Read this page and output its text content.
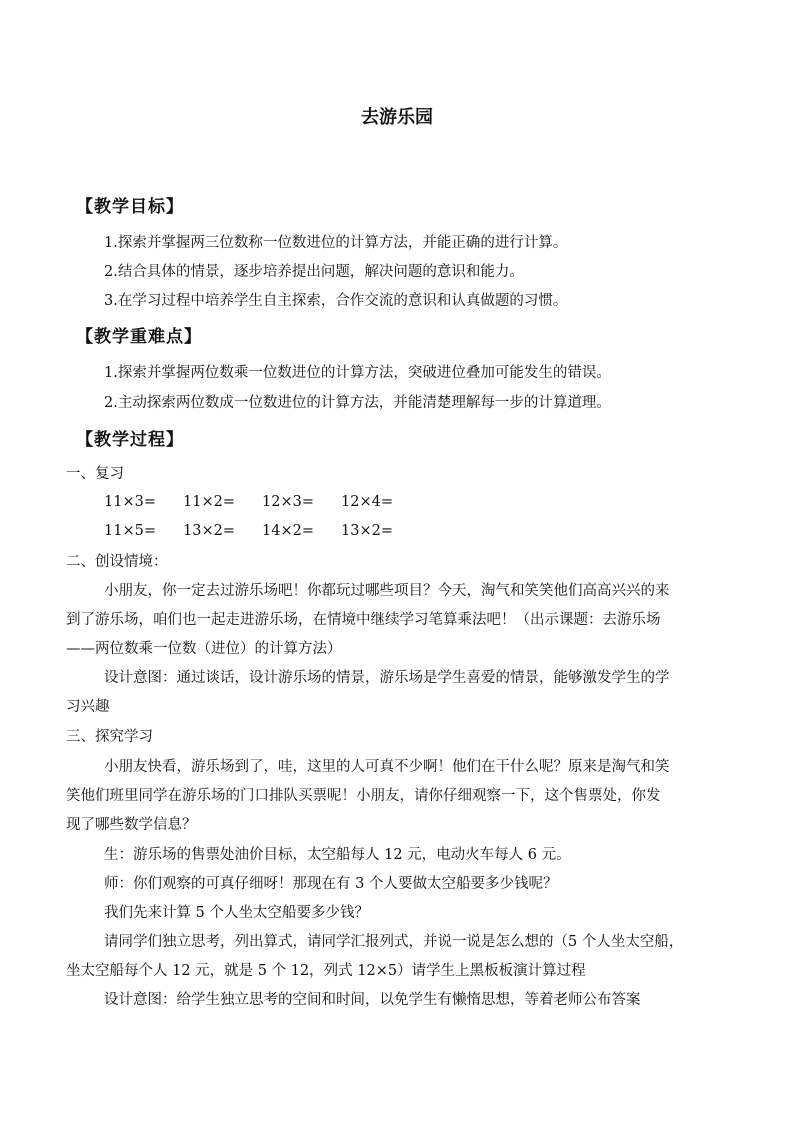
去游乐园
【教学目标】
1.探索并掌握两三位数称一位数进位的计算方法，并能正确的进行计算。
2.结合具体的情景，逐步培养提出问题，解决问题的意识和能力。
3.在学习过程中培养学生自主探索，合作交流的意识和认真做题的习惯。
【教学重难点】
1.探索并掌握两位数乘一位数进位的计算方法，突破进位叠加可能发生的错误。
2.主动探索两位数成一位数进位的计算方法，并能清楚理解每一步的计算道理。
【教学过程】
一、复习
11×3= 11×2= 12×3= 12×4=
11×5= 13×2= 14×2= 13×2=
二、创设情境：
小朋友，你一定去过游乐场吧！你都玩过哪些项目？今天，淘气和笑笑他们高高兴兴的来
到了游乐场，咱们也一起走进游乐场，在情境中继续学习笔算乘法吧！（出示课题：去游乐场
——两位数乘一位数（进位）的计算方法）
设计意图：通过谈话，设计游乐场的情景，游乐场是学生喜爱的情景，能够激发学生的学
习兴趣
三、探究学习
小朋友快看，游乐场到了，哇，这里的人可真不少啊！他们在干什么呢？原来是淘气和笑
笑他们班里同学在游乐场的门口排队买票呢！小朋友，请你仔细观察一下，这个售票处，你发
现了哪些数学信息？
生：游乐场的售票处油价目标，太空船每人 12 元，电动火车每人 6 元。
师：你们观察的可真仔细呀！那现在有 3 个人要做太空船要多少钱呢？
我们先来计算 5 个人坐太空船要多少钱？
请同学们独立思考，列出算式，请同学汇报列式，并说一说是怎么想的（5 个人坐太空船，
坐太空船每个人 12 元，就是 5 个 12，列式 12×5）请学生上黑板板演计算过程
设计意图：给学生独立思考的空间和时间，以免学生有懒惰思想，等着老师公布答案
